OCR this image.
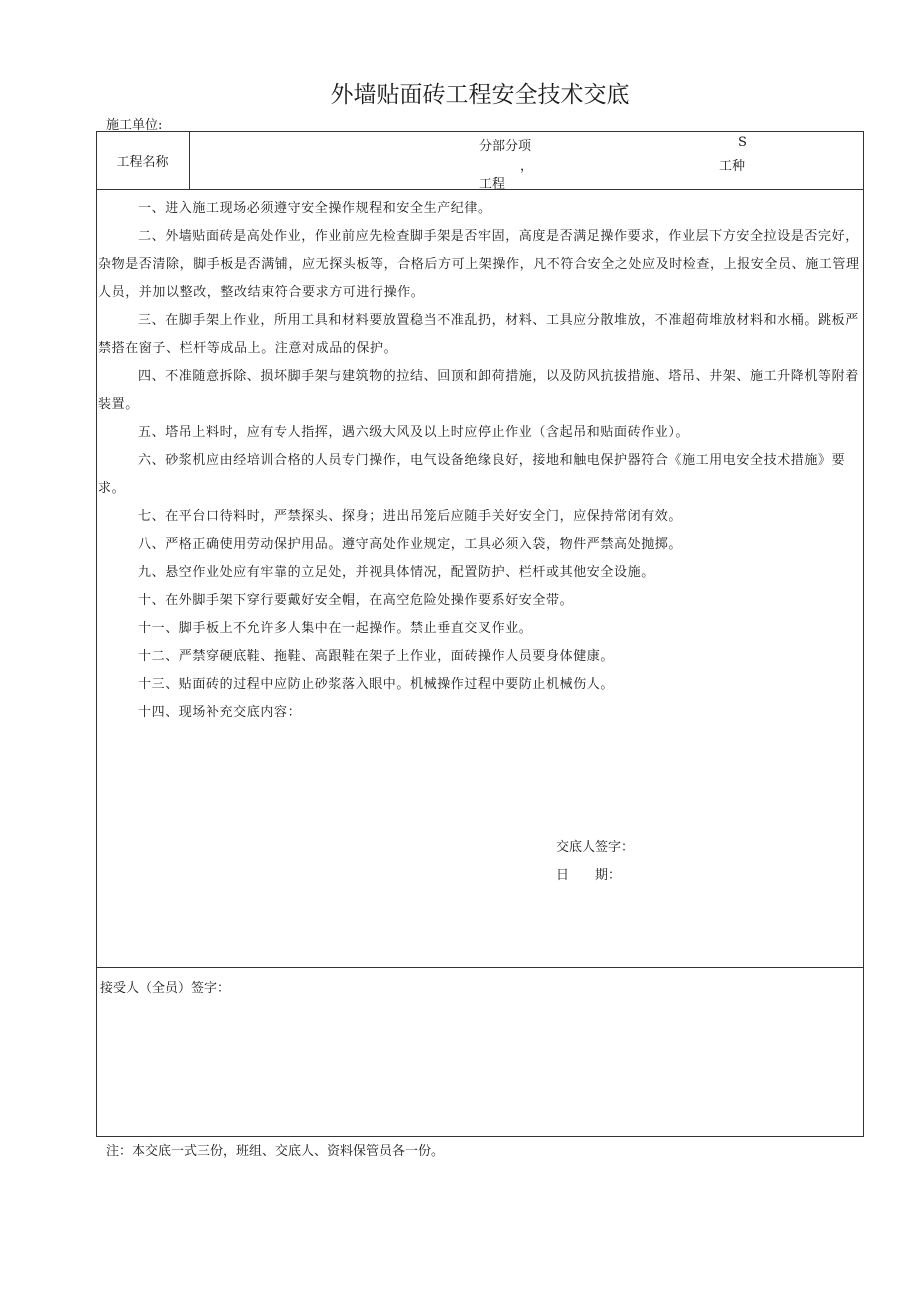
外墙贴面砖工程安全技术交底
施工单位:
工程名称
分部分项
，
工程
S
工种

一、进入施工现场必须遵守安全操作规程和安全生产纪律。

二、外墙贴面砖是高处作业，作业前应先检查脚手架是否牢固，高度是否满足操作要求，作业层下方安全拉设是否完好，杂物是否清除，脚手板是否满铺，应无探头板等，合格后方可上架操作，凡不符合安全之处应及时检查，上报安全员、施工管理人员，并加以整改，整改结束符合要求方可进行操作。

三、在脚手架上作业，所用工具和材料要放置稳当不准乱扔，材料、工具应分散堆放，不准超荷堆放材料和水桶。跳板严禁搭在窗子、栏杆等成品上。注意对成品的保护。

四、不准随意拆除、损坏脚手架与建筑物的拉结、回顶和卸荷措施，以及防风抗拔措施、塔吊、井架、施工升降机等附着装置。

五、塔吊上料时，应有专人指挥，遇六级大风及以上时应停止作业（含起吊和贴面砖作业）。

六、砂浆机应由经培训合格的人员专门操作，电气设备绝缘良好，接地和触电保护器符合《施工用电安全技术措施》要求。

七、在平台口待料时，严禁探头、探身；进出吊笼后应随手关好安全门，应保持常闭有效。

八、严格正确使用劳动保护用品。遵守高处作业规定，工具必须入袋，物件严禁高处抛掷。

九、悬空作业处应有牢靠的立足处，并视具体情况，配置防护、栏杆或其他安全设施。

十、在外脚手架下穿行要戴好安全帽，在高空危险处操作要系好安全带。

十一、脚手板上不允许多人集中在一起操作。禁止垂直交叉作业。

十二、严禁穿硬底鞋、拖鞋、高跟鞋在架子上作业，面砖操作人员要身体健康。

十三、贴面砖的过程中应防止砂浆落入眼中。机械操作过程中要防止机械伤人。

十四、现场补充交底内容：

交底人签字：
日　　期：
接受人（全员）签字：
注：本交底一式三份，班组、交底人、资料保管员各一份。
